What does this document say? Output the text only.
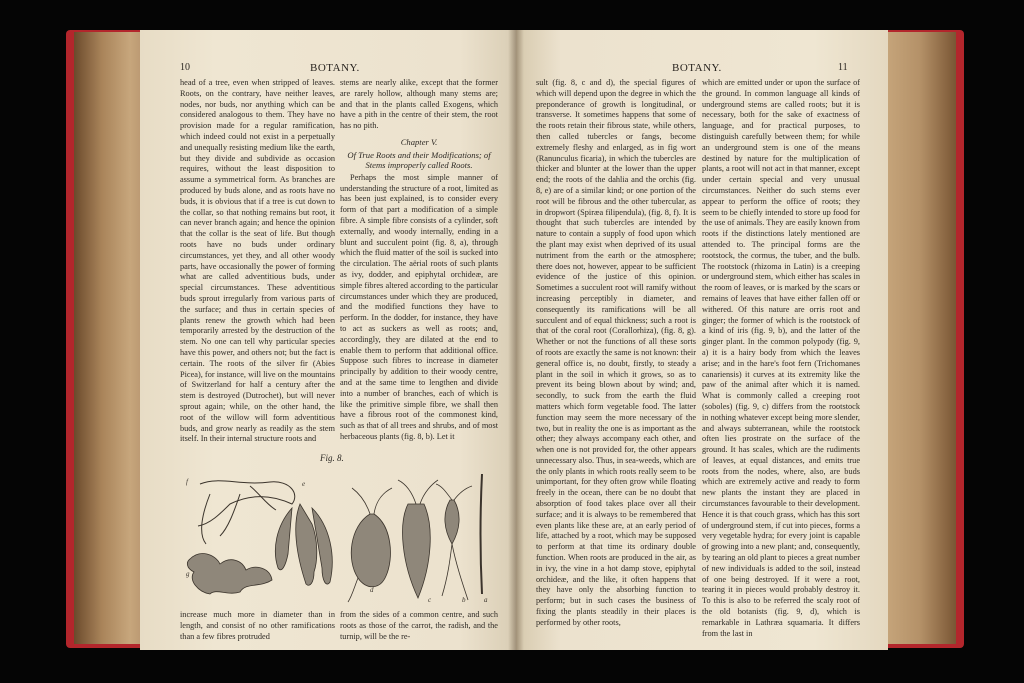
10	BOTANY.

head of a tree, even when stripped of leaves. Roots, on the contrary, have neither leaves, nodes, nor buds, nor anything which can be considered analogous to them. They have no provision made for a regular ramification, which indeed could not exist in a perpetually and unequally resisting medium like the earth, but they divide and subdivide as occasion requires, without the least disposition to assume a symmetrical form. As branches are produced by buds alone, and as roots have no buds, it is obvious that if a tree is cut down to the collar, so that nothing remains but root, it can never branch again; and hence the opinion that the collar is the seat of life. But though roots have no buds under ordinary circumstances, yet they, and all other woody parts, have occasionally the power of forming what are called adventitious buds, under special circumstances. These adventitious buds sprout irregularly from various parts of the surface; and thus in certain species of plants renew the growth which had been temporarily arrested by the destruction of the stem. No one can tell why particular species have this power, and others not; but the fact is certain. The roots of the silver fir (Abies Picea), for instance, will live on the mountains of Switzerland for half a century after the stem is destroyed (Dutrochet), but will never sprout again; while, on the other hand, the root of the willow will form adventitious buds, and grow nearly as readily as the stem itself. In their internal structure roots and

stems are nearly alike, except that the former are rarely hollow, although many stems are; and that in the plants called Exogens, which have a pith in the centre of their stem, the root has no pith.

Chapter V.
Of True Roots and their Modifications; of Stems improperly called Roots.

Perhaps the most simple manner of understanding the structure of a root, limited as has been just explained, is to consider every form of that part a modification of a simple fibre. A simple fibre consists of a cylinder, soft externally, and woody internally, ending in a blunt and succulent point (fig. 8, a), through which the fluid matter of the soil is sucked into the circulation. The aërial roots of such plants as ivy, dodder, and epiphytal orchideæ, are simple fibres altered according to the particular circumstances under which they are produced, and the modified functions they have to perform. In the dodder, for instance, they have to act as suckers as well as roots; and, accordingly, they are dilated at the end to enable them to perform that additional office. Suppose such fibres to increase in diameter principally by addition to their woody centre, and at the same time to lengthen and divide into a number of branches, each of which is like the primitive simple fibre, we shall then have a fibrous root of the commonest kind, such as that of all trees and shrubs, and of most herbaceous plants (fig. 8, b). Let it

Fig. 8.
f	e
g
d
c	b	a

increase much more in diameter than in length, and consist of no other ramifications than a few fibres protruded

from the sides of a common centre, and such roots as those of the carrot, the radish, and the turnip, will be the re-

BOTANY.	11

sult (fig. 8, c and d), the special figures of which will depend upon the degree in which the preponderance of growth is longitudinal, or transverse. It sometimes happens that some of the roots retain their fibrous state, while others, then called tubercles or fangs, become extremely fleshy and enlarged, as in fig wort (Ranunculus ficaria), in which the tubercles are thicker and blunter at the lower than the upper end; the roots of the dahlia and the orchis (fig. 8, e) are of a similar kind; or one portion of the root will be fibrous and the other tubercular, as in dropwort (Spiræa filipendula), (fig. 8, f). It is thought that such tubercles are intended by nature to contain a supply of food upon which the plant may exist when deprived of its usual nutriment from the earth or the atmosphere; there does not, however, appear to be sufficient evidence of the justice of this opinion. Sometimes a succulent root will ramify without increasing perceptibly in diameter, and consequently its ramifications will be all succulent and of equal thickness; such a root is that of the coral root (Corallorhiza), (fig. 8, g). Whether or not the functions of all these sorts of roots are exactly the same is not known: their general office is, no doubt, firstly, to steady a plant in the soil in which it grows, so as to prevent its being blown about by wind; and, secondly, to suck from the earth the fluid matters which form vegetable food. The latter function may seem the more necessary of the two, but in reality the one is as important as the other; they always accompany each other, and when one is not provided for, the other appears unnecessary also. Thus, in sea-weeds, which are the only plants in which roots really seem to be unimportant, for they often grow while floating freely in the ocean, there can be no doubt that absorption of food takes place over all their surface; and it is always to be remembered that even plants like these are, at an early period of life, attached by a root, which may be supposed to perform at that time its ordinary double function. When roots are produced in the air, as in ivy, the vine in a hot damp stove, epiphytal orchideæ, and the like, it often happens that they have only the absorbing function to perform; but in such cases the business of fixing the plants steadily in their places is performed by other roots,

which are emitted under or upon the surface of the ground. In common language all kinds of underground stems are called roots; but it is necessary, both for the sake of exactness of language, and for practical purposes, to distinguish carefully between them; for while an underground stem is one of the means destined by nature for the multiplication of plants, a root will not act in that manner, except under certain special and very unusual circumstances. Neither do such stems ever appear to perform the office of roots; they seem to be chiefly intended to store up food for the use of animals. They are easily known from roots if the distinctions lately mentioned are attended to. The principal forms are the rootstock, the cormus, the tuber, and the bulb. The rootstock (rhizoma in Latin) is a creeping or underground stem, which either has scales in the room of leaves, or is marked by the scars or remains of leaves that have either fallen off or withered. Of this nature are orris root and ginger; the former of which is the rootstock of a kind of iris (fig. 9, b), and the latter of the ginger plant. In the common polypody (fig. 9, a) it is a hairy body from which the leaves arise; and in the hare's foot fern (Trichomanes canariensis) it curves at its extremity like the paw of the animal after which it is named. What is commonly called a creeping root (soboles) (fig. 9, c) differs from the rootstock in nothing whatever except being more slender, and always subterranean, while the rootstock often lies prostrate on the surface of the ground. It has scales, which are the rudiments of leaves, at equal distances, and emits true roots from the nodes, where, also, are buds which are extremely active and ready to form new plants the instant they are placed in circumstances favourable to their development. Hence it is that couch grass, which has this sort of underground stem, if cut into pieces, forms a very vegetable hydra; for every joint is capable of growing into a new plant; and, consequently, by tearing an old plant to pieces a great number of new individuals is added to the soil, instead of one being destroyed. If it were a root, tearing it in pieces would probably destroy it. To this is also to be referred the scaly root of the old botanists (fig. 9, d), which is remarkable in Lathræa squamaria. It differs from the last in
